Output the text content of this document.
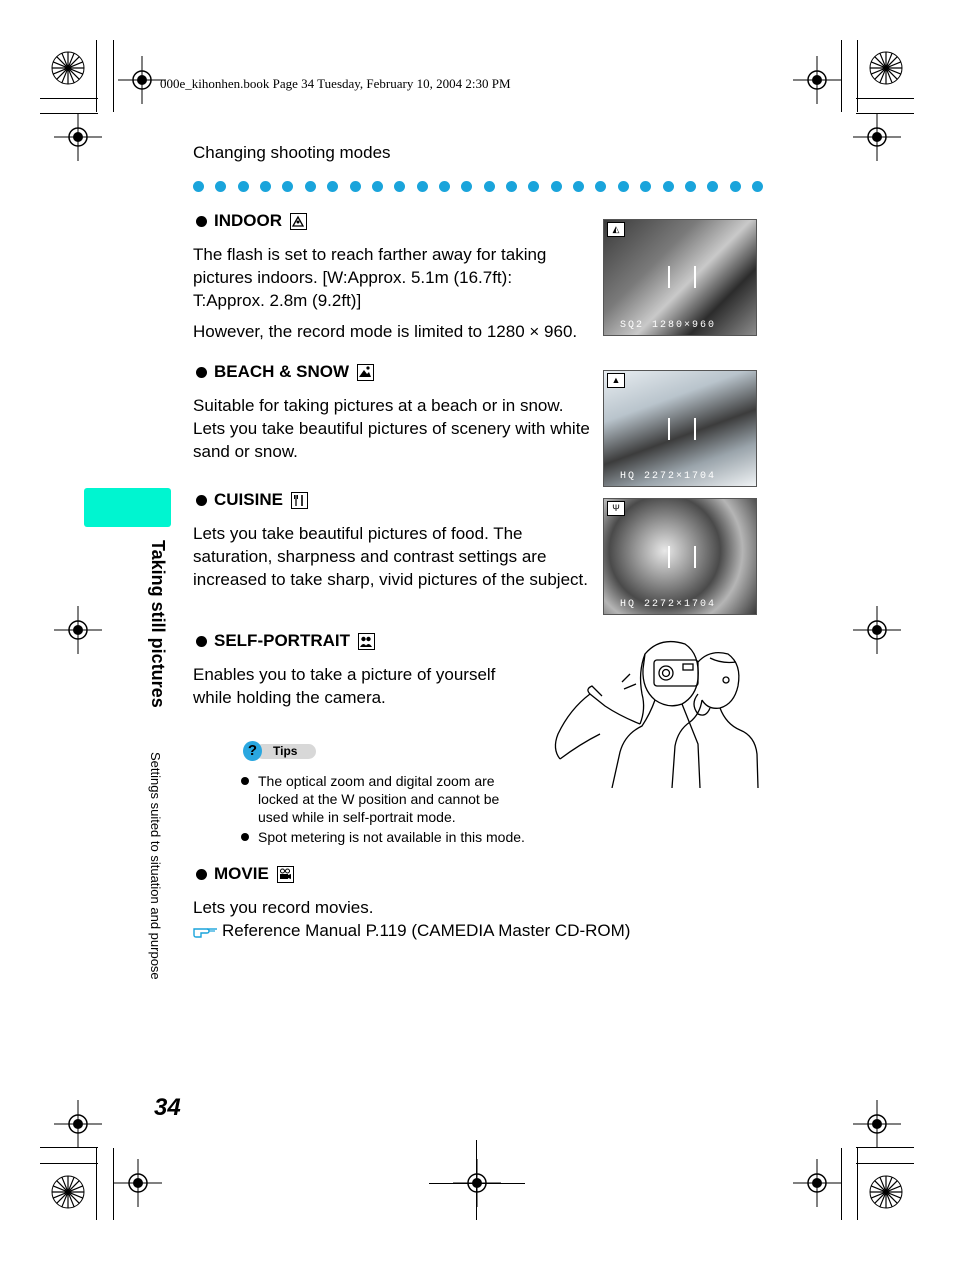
000e_kihonhen.book Page 34 Tuesday, February 10, 2004 2:30 PM
Changing shooting modes
Taking still pictures
Settings suited to situation and purpose
34
INDOOR
The flash is set to reach farther away for taking pictures indoors. [W:Approx. 5.1m (16.7ft): T:Approx. 2.8m (9.2ft)]
However, the record mode is limited to 1280 × 960.
◭
SQ2 1280×960
BEACH & SNOW
Suitable for taking pictures at a beach or in snow. Lets you take beautiful pictures of scenery with white sand or snow.
▲
HQ 2272×1704
CUISINE
Lets you take beautiful pictures of food. The saturation, sharpness and contrast settings are increased to take sharp, vivid pictures of the subject.
Ψ
HQ 2272×1704
SELF-PORTRAIT
Enables you to take a picture of yourself while holding the camera.
?	Tips
The optical zoom and digital zoom are locked at the W position and cannot be used while in self-portrait mode.
Spot metering is not available in this mode.
MOVIE
Lets you record movies.
Reference Manual P.119 (CAMEDIA Master CD-ROM)
